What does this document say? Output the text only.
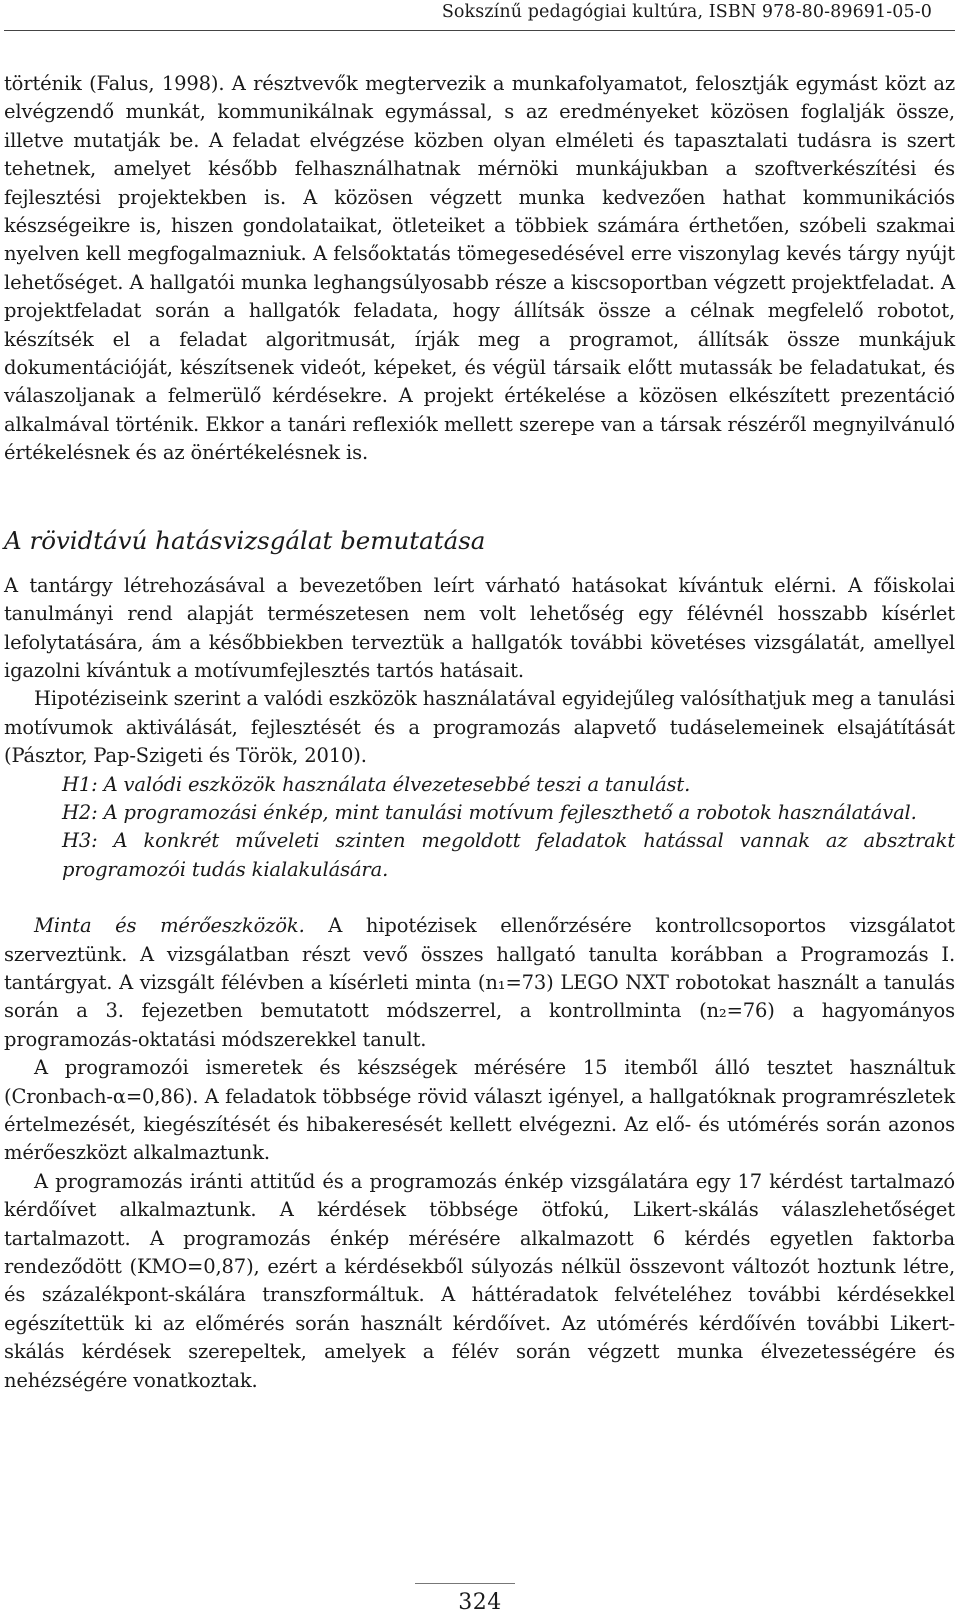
Sokszínű pedagógiai kultúra, ISBN 978-80-89691-05-0

történik (Falus, 1998). A résztvevők megtervezik a munkafolyamatot, felosztják egymást közt az elvégzendő munkát, kommunikálnak egymással, s az eredményeket közösen foglalják össze, illetve mutatják be. A feladat elvégzése közben olyan elméleti és tapasztalati tudásra is szert tehetnek, amelyet később felhasználhatnak mérnöki munkájukban a szoftverkészítési és fejlesztési projektekben is. A közösen végzett munka kedvezően hathat kommunikációs készségeikre is, hiszen gondolataikat, ötleteiket a többiek számára érthetően, szóbeli szakmai nyelven kell megfogalmazniuk. A felsőoktatás tömegesedésével erre viszonylag kevés tárgy nyújt lehetőséget. A hallgatói munka leghangsúlyosabb része a kiscsoportban végzett projektfeladat. A projektfeladat során a hallgatók feladata, hogy állítsák össze a célnak megfelelő robotot, készítsék el a feladat algoritmusát, írják meg a programot, állítsák össze munkájuk dokumentációját, készítsenek videót, képeket, és végül társaik előtt mutassák be feladatukat, és válaszoljanak a felmerülő kérdésekre. A projekt értékelése a közösen elkészített prezentáció alkalmával történik. Ekkor a tanári reflexiók mellett szerepe van a társak részéről megnyilvánuló értékelésnek és az önértékelésnek is.

A rövidtávú hatásvizsgálat bemutatása

A tantárgy létrehozásával a bevezetőben leírt várható hatásokat kívántuk elérni. A főiskolai tanulmányi rend alapját természetesen nem volt lehetőség egy félévnél hosszabb kísérlet lefolytatására, ám a későbbiekben terveztük a hallgatók további követéses vizsgálatát, amellyel igazolni kívántuk a motívumfejlesztés tartós hatásait.

Hipotéziseink szerint a valódi eszközök használatával egyidejűleg valósíthatjuk meg a tanulási motívumok aktiválását, fejlesztését és a programozás alapvető tudáselemeinek elsajátítását (Pásztor, Pap-Szigeti és Török, 2010).

H1: A valódi eszközök használata élvezetesebbé teszi a tanulást.

H2: A programozási énkép, mint tanulási motívum fejleszthető a robotok használatával.

H3: A konkrét műveleti szinten megoldott feladatok hatással vannak az absztrakt programozói tudás kialakulására.

Minta és mérőeszközök. A hipotézisek ellenőrzésére kontrollcsoportos vizsgálatot szerveztünk. A vizsgálatban részt vevő összes hallgató tanulta korábban a Programozás I. tantárgyat. A vizsgált félévben a kísérleti minta (n₁=73) LEGO NXT robotokat használt a tanulás során a 3. fejezetben bemutatott módszerrel, a kontrollminta (n₂=76) a hagyományos programozás-oktatási módszerekkel tanult.

A programozói ismeretek és készségek mérésére 15 itemből álló tesztet használtuk (Cronbach-α=0,86). A feladatok többsége rövid választ igényel, a hallgatóknak programrészletek értelmezését, kiegészítését és hibakeresését kellett elvégezni. Az elő- és utómérés során azonos mérőeszközt alkalmaztunk.

A programozás iránti attitűd és a programozás énkép vizsgálatára egy 17 kérdést tartalmazó kérdőívet alkalmaztunk. A kérdések többsége ötfokú, Likert-skálás válaszlehetőséget tartalmazott. A programozás énkép mérésére alkalmazott 6 kérdés egyetlen faktorba rendeződött (KMO=0,87), ezért a kérdésekből súlyozás nélkül összevont változót hoztunk létre, és százalékpont-skálára transzformáltuk. A háttéradatok felvételéhez további kérdésekkel egészítettük ki az előmérés során használt kérdőívet. Az utómérés kérdőívén további Likert-skálás kérdések szerepeltek, amelyek a félév során végzett munka élvezetességére és nehézségére vonatkoztak.

324
